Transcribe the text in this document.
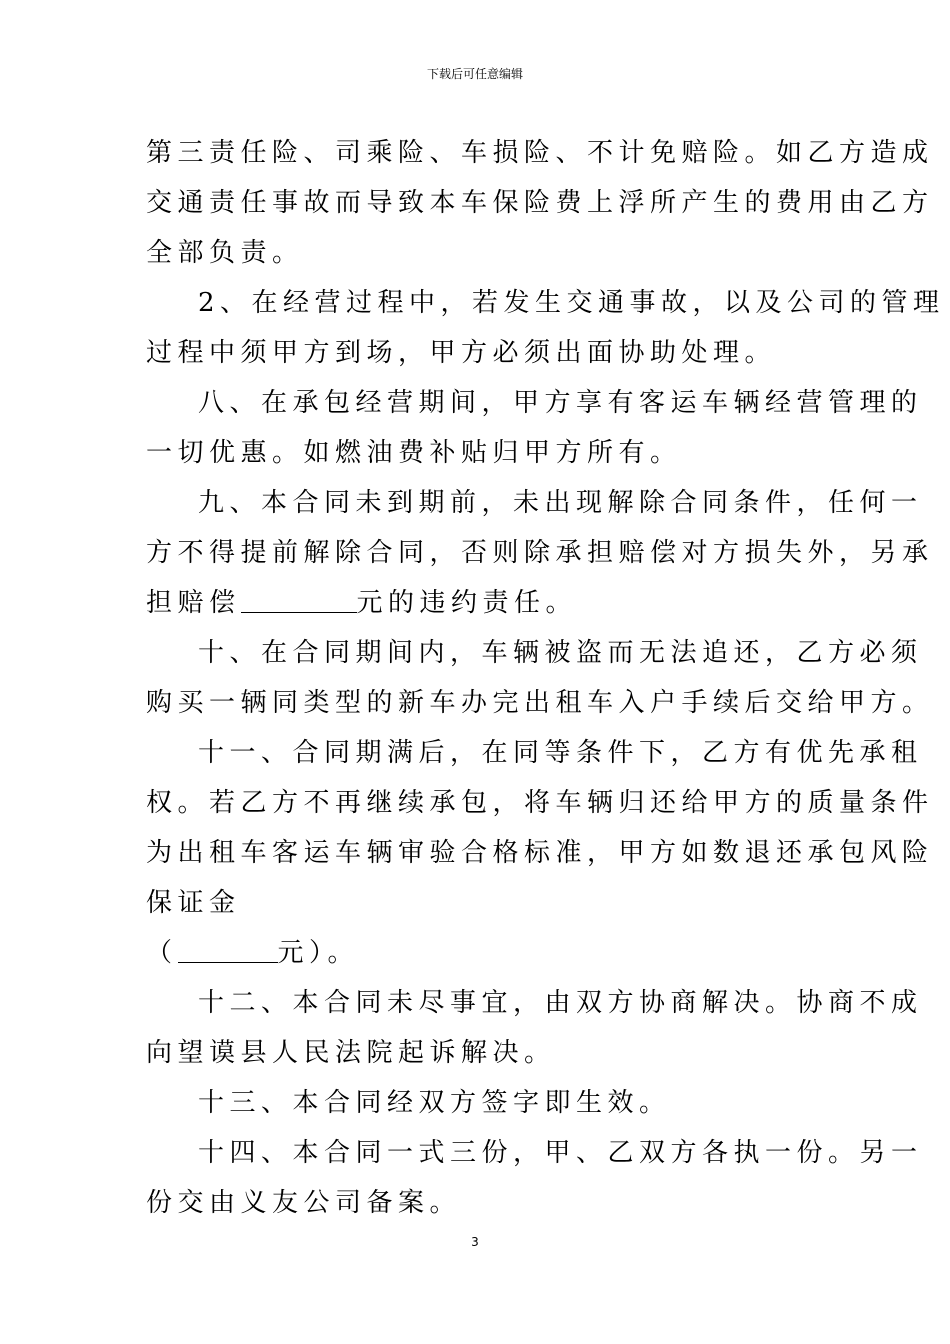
下载后可任意编辑
第三责任险、司乘险、车损险、不计免赔险。如乙方造成
交通责任事故而导致本车保险费上浮所产生的费用由乙方
全部负责。
2、在经营过程中，若发生交通事故，以及公司的管理
过程中须甲方到场，甲方必须出面协助处理。
八、在承包经营期间，甲方享有客运车辆经营管理的
一切优惠。如燃油费补贴归甲方所有。
九、本合同未到期前，未出现解除合同条件，任何一
方不得提前解除合同，否则除承担赔偿对方损失外，另承
担赔偿	元的违约责任。
十、在合同期间内，车辆被盗而无法追还，乙方必须
购买一辆同类型的新车办完出租车入户手续后交给甲方。
十一、合同期满后，在同等条件下，乙方有优先承租
权。若乙方不再继续承包，将车辆归还给甲方的质量条件
为出租车客运车辆审验合格标准，甲方如数退还承包风险
保证金
（	元）。
十二、本合同未尽事宜，由双方协商解决。协商不成
向望谟县人民法院起诉解决。
十三、本合同经双方签字即生效。
十四、本合同一式三份，甲、乙双方各执一份。另一
份交由义友公司备案。
3
